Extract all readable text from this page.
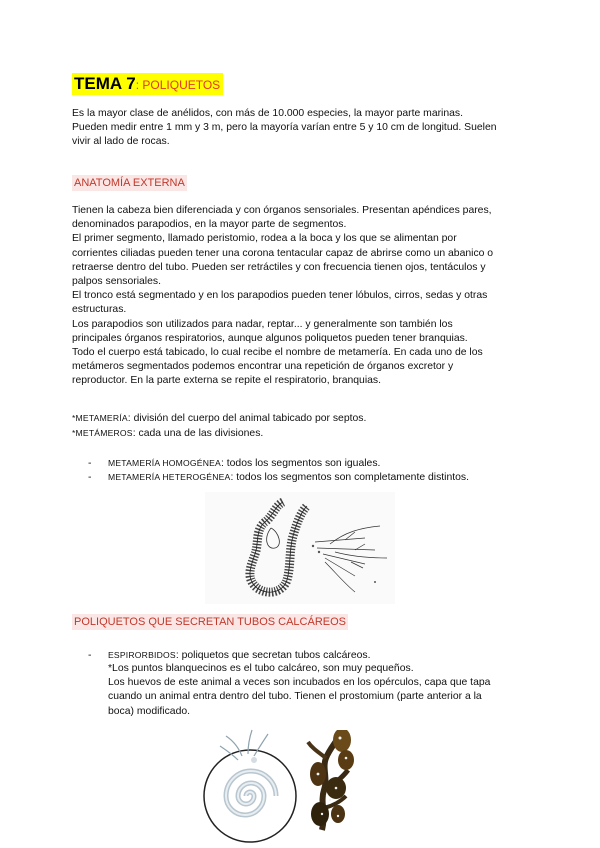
TEMA 7: POLIQUETOS

Es la mayor clase de anélidos, con más de 10.000 especies, la mayor parte marinas.

Pueden medir entre 1 mm y 3 m, pero la mayoría varían entre 5 y 10 cm de longitud. Suelen

vivir al lado de rocas.

ANATOMÍA EXTERNA

Tienen la cabeza bien diferenciada y con órganos sensoriales. Presentan apéndices pares,

denominados parapodios, en la mayor parte de segmentos.

El primer segmento, llamado peristomio, rodea a la boca y los que se alimentan por

corrientes ciliadas pueden tener una corona tentacular capaz de abrirse como un abanico o

retraerse dentro del tubo. Pueden ser retráctiles y con frecuencia tienen ojos, tentáculos y

palpos sensoriales.

El tronco está segmentado y en los parapodios pueden tener lóbulos, cirros, sedas y otras

estructuras.

Los parapodios son utilizados para nadar, reptar... y generalmente son también los

principales órganos respiratorios, aunque algunos poliquetos pueden tener branquias.

Todo el cuerpo está tabicado, lo cual recibe el nombre de metamería. En cada uno de los

metámeros segmentados podemos encontrar una repetición de órganos excretor y

reproductor. En la parte externa se repite el respiratorio, branquias.

*METAMERÍA: división del cuerpo del animal tabicado por septos.
*METÁMEROS: cada una de las divisiones.
- METAMERÍA HOMOGÉNEA: todos los segmentos son iguales.
- METAMERÍA HETEROGÉNEA: todos los segmentos son completamente distintos.
POLIQUETOS QUE SECRETAN TUBOS CALCÁREOS
- ESPIRORBIDOS: poliquetos que secretan tubos calcáreos.

*Los puntos blanquecinos es el tubo calcáreo, son muy pequeños.

Los huevos de este animal a veces son incubados en los opérculos, capa que tapa

cuando un animal entra dentro del tubo. Tienen el prostomium (parte anterior a la

boca) modificado.
